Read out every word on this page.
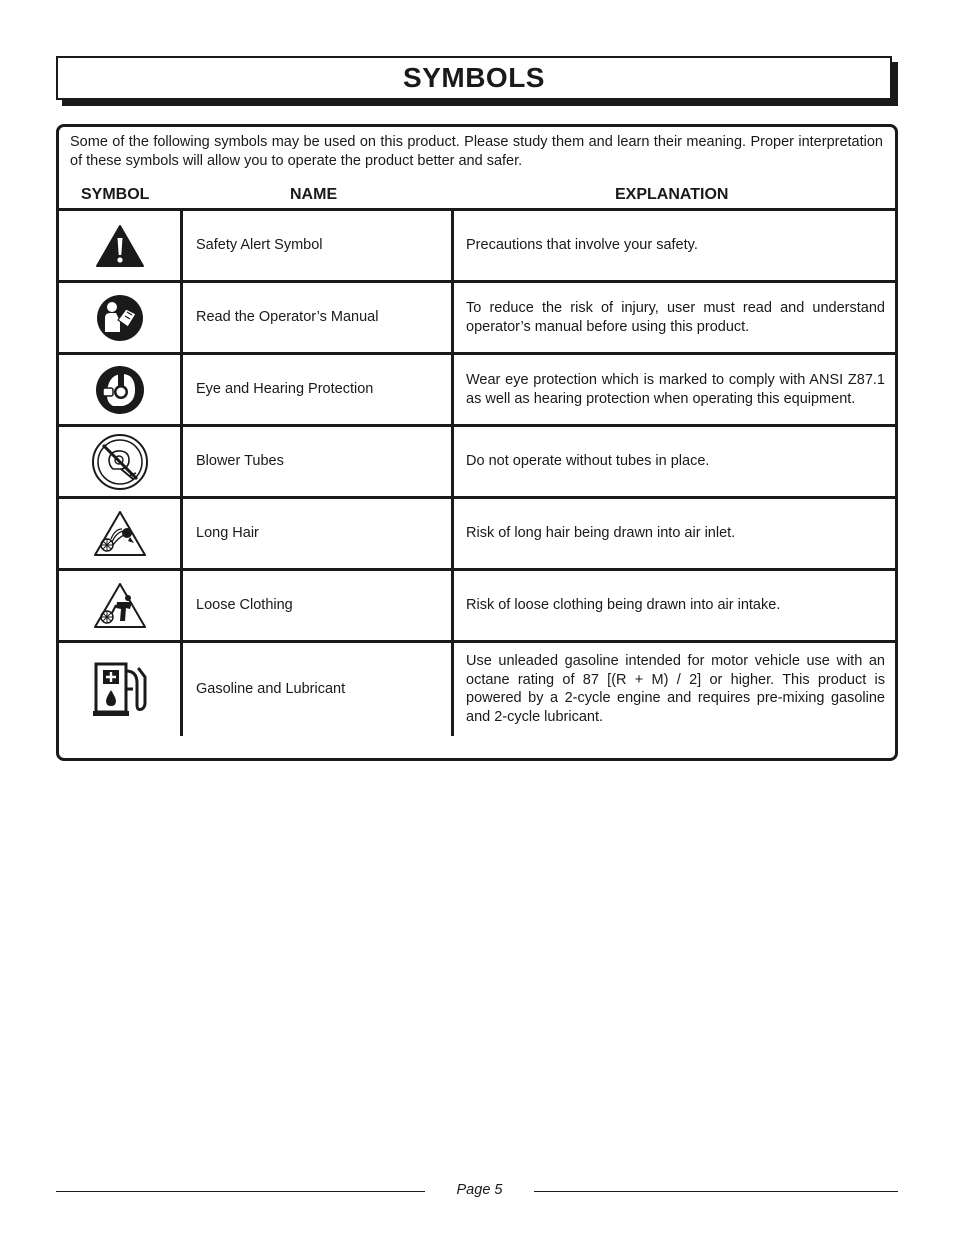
SYMBOLS
Some of the following symbols may be used on this product. Please study them and learn their meaning. Proper interpretation of these symbols will allow you to operate the product better and safer.
SYMBOL	NAME	EXPLANATION
	Safety Alert Symbol	Precautions that involve your safety.

	Read the Operator’s Manual	To reduce the risk of injury, user must read and understand operator’s manual before using this product.

	Eye and Hearing Protection	Wear eye protection which is marked to comply with ANSI Z87.1 as well as hearing protection when operating this equipment.

	Blower Tubes	Do not operate without tubes in place.

	Long Hair	Risk of long hair being drawn into air inlet.

	Loose Clothing	Risk of loose clothing being drawn into air intake.

	Gasoline and Lubricant	Use unleaded gasoline intended for motor vehicle use with an octane rating of 87 [(R + M) / 2] or higher. This product is powered by a 2-cycle engine and requires pre-mixing gasoline and 2-cycle lubricant.
Page 5
